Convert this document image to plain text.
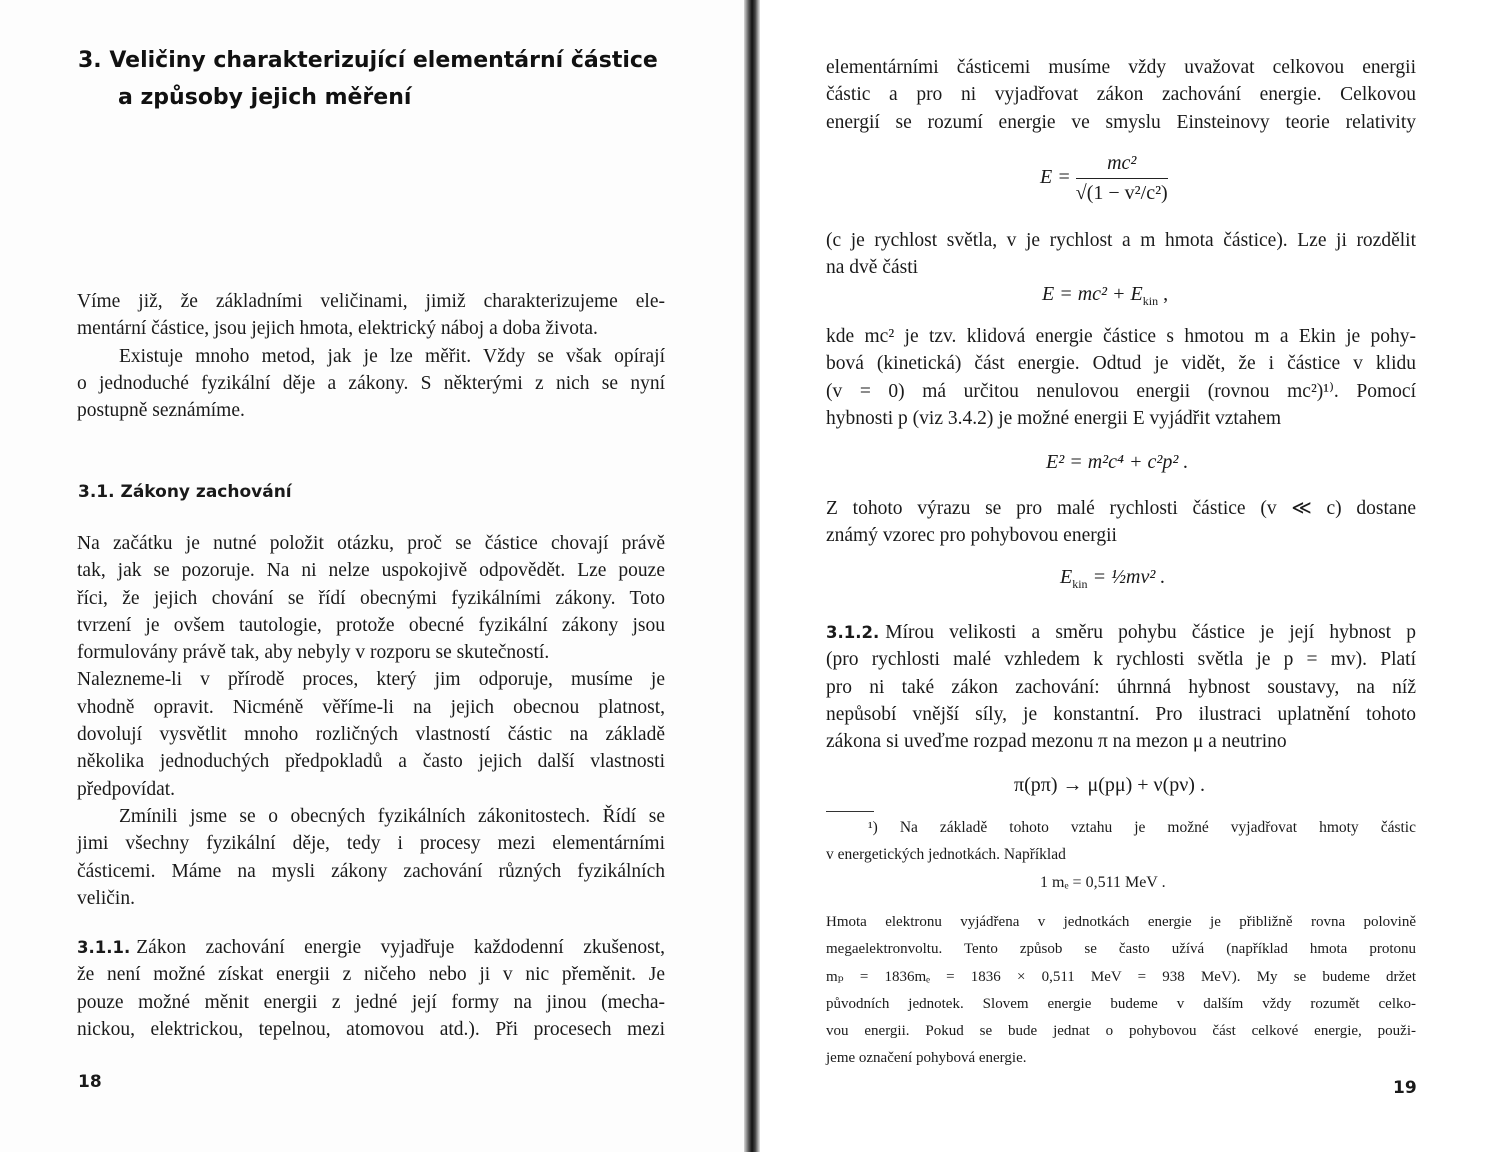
3. Veličiny charakterizující elementární částice
a způsoby jejich měření
Víme již, že základními veličinami, jimiž charakterizujeme ele-
mentární částice, jsou jejich hmota, elektrický náboj a doba života.
Existuje mnoho metod, jak je lze měřit. Vždy se však opírají
o jednoduché fyzikální děje a zákony. S některými z nich se nyní
postupně seznámíme.
3.1. Zákony zachování
Na začátku je nutné položit otázku, proč se částice chovají právě
tak, jak se pozoruje. Na ni nelze uspokojivě odpovědět. Lze pouze
říci, že jejich chování se řídí obecnými fyzikálními zákony. Toto
tvrzení je ovšem tautologie, protože obecné fyzikální zákony jsou
formulovány právě tak, aby nebyly v rozporu se skutečností.
Nalezneme-li v přírodě proces, který jim odporuje, musíme je
vhodně opravit. Nicméně věříme-li na jejich obecnou platnost,
dovolují vysvětlit mnoho rozličných vlastností částic na základě
několika jednoduchých předpokladů a často jejich další vlastnosti
předpovídat.
Zmínili jsme se o obecných fyzikálních zákonitostech. Řídí se
jimi všechny fyzikální děje, tedy i procesy mezi elementárními
částicemi. Máme na mysli zákony zachování různých fyzikálních
veličin.
3.1.1. Zákon zachování energie vyjadřuje každodenní zkušenost,
že není možné získat energii z ničeho nebo ji v nic přeměnit. Je
pouze možné měnit energii z jedné její formy na jinou (mecha-
nickou, elektrickou, tepelnou, atomovou atd.). Při procesech mezi
18
elementárními částicemi musíme vždy uvažovat celkovou energii
částic a pro ni vyjadřovat zákon zachování energie. Celkovou
energií se rozumí energie ve smyslu Einsteinovy teorie relativity
$E = \frac{\text{mc²}}{\text{√(1 − v²/c²)}}$
(c je rychlost světla, v je rychlost a m hmota částice). Lze ji rozdělit
na dvě části
$E = mc^2 + E_{kin}$ ,
kde mc² je tzv. klidová energie částice s hmotou m a Ekin je pohy-
bová (kinetická) část energie. Odtud je vidět, že i částice v klidu
(v = 0) má určitou nenulovou energii (rovnou mc²)¹⁾. Pomocí
hybnosti p (viz 3.4.2) je možné energii E vyjádřit vztahem
E² = m²c⁴ + c²p² .
Z tohoto výrazu se pro malé rychlosti částice (v ≪ c) dostane
známý vzorec pro pohybovou energii
$E_{kin}$ = ½mv² .
3.1.2. Mírou velikosti a směru pohybu částice je její hybnost p
(pro rychlosti malé vzhledem k rychlosti světla je p = mv). Platí
pro ni také zákon zachování: úhrnná hybnost soustavy, na níž
nepůsobí vnější síly, je konstantní. Pro ilustraci uplatnění tohoto
zákona si uveďme rozpad mezonu π na mezon μ a neutrino
π(pπ) → μ(pμ) + ν(pν) .
¹) Na základě tohoto vztahu je možné vyjadřovat hmoty částic
v energetických jednotkách. Například
1 mₑ = 0,511 MeV .
Hmota elektronu vyjádřena v jednotkách energie je přibližně rovna polovině
megaelektronvoltu. Tento způsob se často užívá (například hmota protonu
mₚ = 1836mₑ = 1836 × 0,511 MeV = 938 MeV). My se budeme držet
původních jednotek. Slovem energie budeme v dalším vždy rozumět celko-
vou energii. Pokud se bude jednat o pohybovou část celkové energie, použi-
jeme označení pohybová energie.
19
